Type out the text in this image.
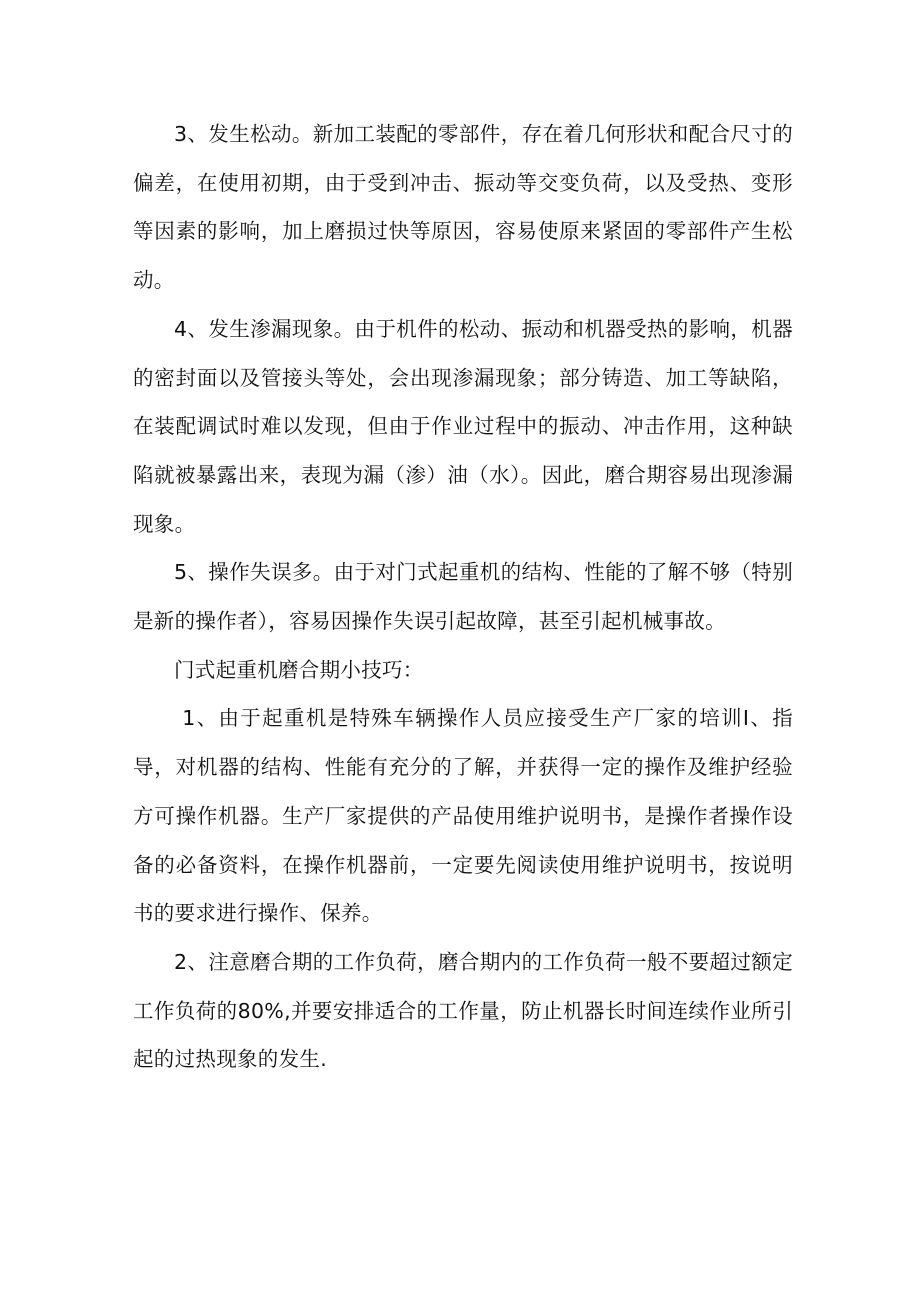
3、发生松动。新加工装配的零部件，存在着几何形状和配合尺寸的偏差，在使用初期，由于受到冲击、振动等交变负荷，以及受热、变形等因素的影响，加上磨损过快等原因，容易使原来紧固的零部件产生松动。

4、发生渗漏现象。由于机件的松动、振动和机器受热的影响，机器的密封面以及管接头等处，会出现渗漏现象；部分铸造、加工等缺陷，在装配调试时难以发现，但由于作业过程中的振动、冲击作用，这种缺陷就被暴露出来，表现为漏（渗）油（水）。因此，磨合期容易出现渗漏现象。

5、操作失误多。由于对门式起重机的结构、性能的了解不够（特别是新的操作者），容易因操作失误引起故障，甚至引起机械事故。

门式起重机磨合期小技巧：

1、由于起重机是特殊车辆操作人员应接受生产厂家的培训I、指导，对机器的结构、性能有充分的了解，并获得一定的操作及维护经验方可操作机器。生产厂家提供的产品使用维护说明书，是操作者操作设备的必备资料，在操作机器前，一定要先阅读使用维护说明书，按说明书的要求进行操作、保养。

2、注意磨合期的工作负荷，磨合期内的工作负荷一般不要超过额定工作负荷的80%,并要安排适合的工作量，防止机器长时间连续作业所引起的过热现象的发生.
